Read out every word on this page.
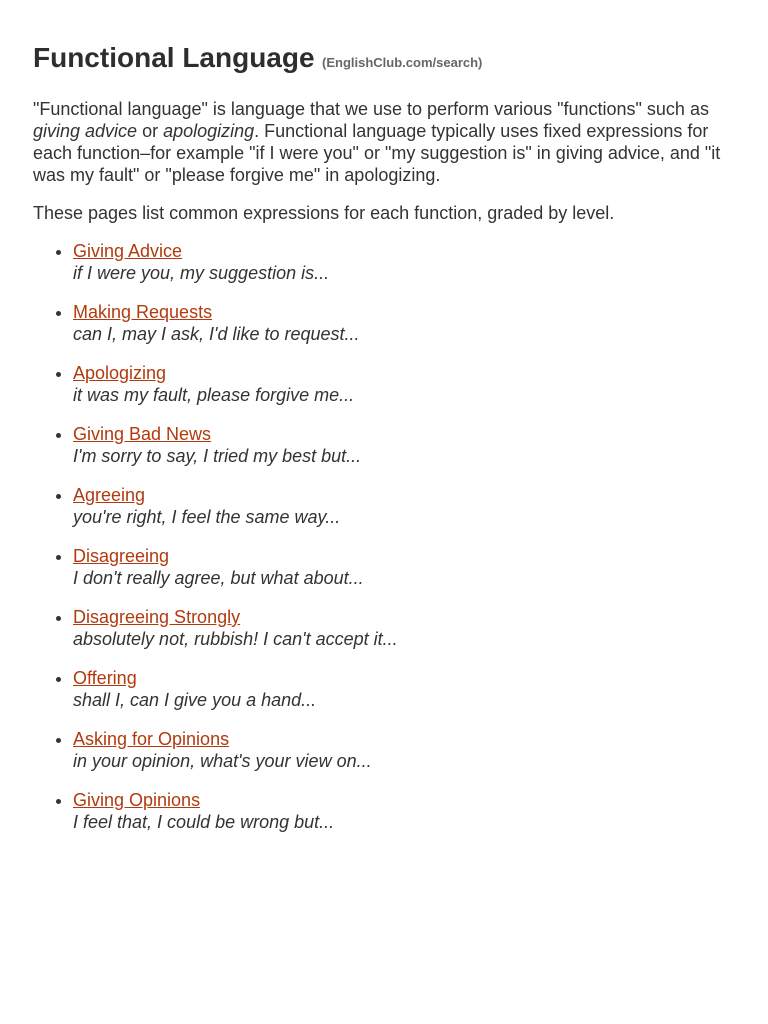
Functional Language (EnglishClub.com/search)

"Functional language" is language that we use to perform various "functions" such as giving advice or apologizing. Functional language typically uses fixed expressions for each function–for example "if I were you" or "my suggestion is" in giving advice, and "it was my fault" or "please forgive me" in apologizing.

These pages list common expressions for each function, graded by level.

• Giving Advice
if I were you, my suggestion is...
• Making Requests
can I, may I ask, I'd like to request...
• Apologizing
it was my fault, please forgive me...
• Giving Bad News
I'm sorry to say, I tried my best but...
• Agreeing
you're right, I feel the same way...
• Disagreeing
I don't really agree, but what about...
• Disagreeing Strongly
absolutely not, rubbish! I can't accept it...
• Offering
shall I, can I give you a hand...
• Asking for Opinions
in your opinion, what's your view on...
• Giving Opinions
I feel that, I could be wrong but...
